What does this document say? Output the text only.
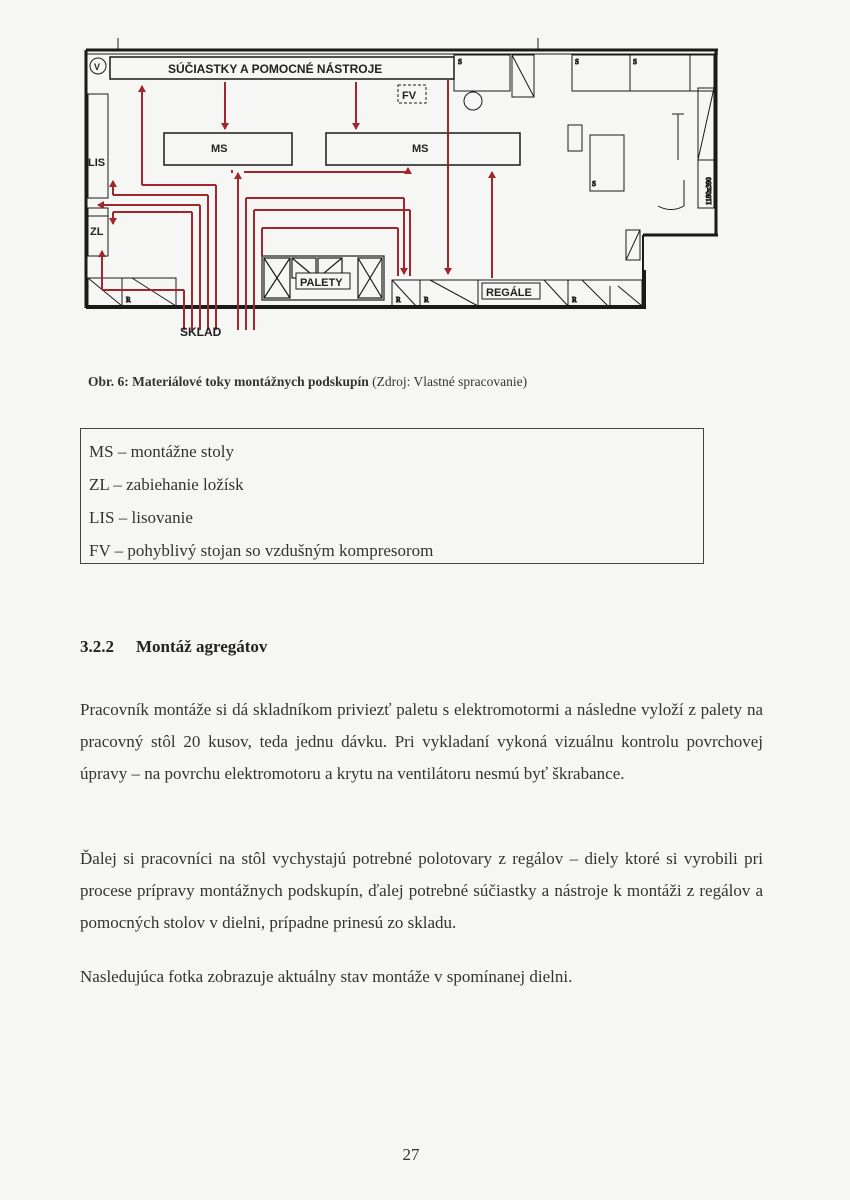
SÚČIASTKY A POMOCNÉ NÁSTROJE
V
FV
S	S	S
S	1180x390
MS	MS
LIS
ZL
R
PALETY
R	R	R
REGÁLE
SKLAD
Obr. 6: Materiálové toky montážnych podskupín (Zdroj: Vlastné spracovanie)
MS – montážne stoly
ZL – zabiehanie ložísk
LIS – lisovanie
FV – pohyblivý stojan so vzdušným kompresorom
3.2.2 Montáž agregátov
Pracovník montáže si dá skladníkom priviezť paletu s elektromotormi a následne vyloží z palety na pracovný stôl 20 kusov, teda jednu dávku. Pri vykladaní vykoná vizuálnu kontrolu povrchovej úpravy – na povrchu elektromotoru a krytu na ventilátoru nesmú byť škrabance.
Ďalej si pracovníci na stôl vychystajú potrebné polotovary z regálov – diely ktoré si vyrobili pri procese prípravy montážnych podskupín, ďalej potrebné súčiastky a nástroje k montáži z regálov a pomocných stolov v dielni, prípadne prinesú zo skladu.
Nasledujúca fotka zobrazuje aktuálny stav montáže v spomínanej dielni.
27
